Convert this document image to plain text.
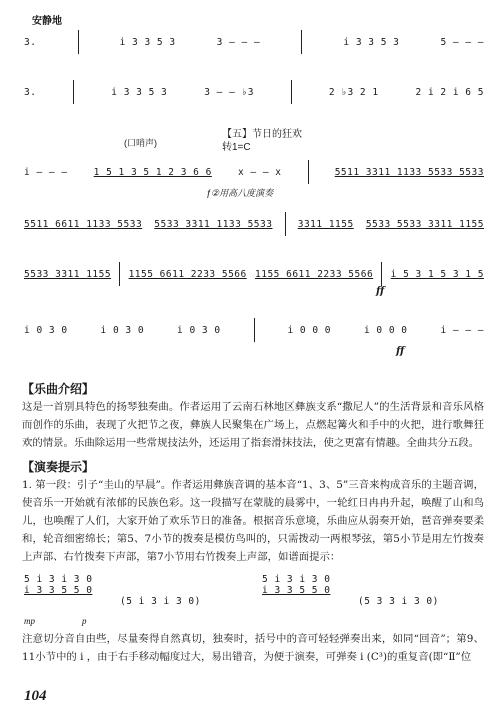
安静地
3.	i 3 3 5 3	3 — — —	i 3 3 5 3	5 — — —
3.	i 3 3 5 3	3 — — ♭3	2 ♭3 2 1	2 i 2 i 6 5
(口哨声)
【五】节日的狂欢
转1=C
i — — —	1 5 1 3 5 1 2 3 6 6	x — — x	5511 3311 1133 5533 5533
ƒ②用高八度演奏
5511 6611 1133 5533 5533 3311 1133 5533	3311 1155 5533 5533 3311 1155
5533 3311 1155 1155 6611 2233 5566 1155 6611 2233 5566 i 5 3 1 5 3 1 5
ff
i 0 3 0	i 0 3 0	i 0 3 0	i 0 0 0	i 0 0 0	i — — —
ff
【 乐曲介绍 】
这是一首别具特色的扬琴独奏曲。作者运用了云南石林地区彝族支系“撒尼人”的生活背景和音乐风格而创作的乐曲，表现了火把节之夜，彝族人民聚集在广场上，点燃起篝火和手中的火把，进行歌舞狂欢的情景。乐曲除运用一些常规技法外，还运用了指套滑抹技法，使之更富有情趣。全曲共分五段。
【 演奏提示 】
1. 第一段：引子“圭山的早晨”。作者运用彝族音调的基本音“1、3、5”三音来构成音乐的主题音调，使音乐一开始就有浓郁的民族色彩。这一段描写在蒙胧的晨雾中，一轮红日冉冉升起，唤醒了山和鸟儿，也唤醒了人们，大家开始了欢乐节日的准备。根据音乐意境，乐曲应从弱奏开始，琶音弹奏要柔和，轮音细密绵长；第5、7小节的拨奏是模仿鸟叫的，只需拨动一两根琴弦，第5小节是用左竹拨奏上声部、右竹拨奏下声部，第7小节用右竹拨奏上声部，如谱面提示：
5 i 3 i 3 0
i 3 3 5 5 0
(5 i 3 i 3 0)
5 i 3 i 3 0
i 3 3 5 5 0
(5 3 3 i 3 0)
mp	p
注意切分音自由些，尽量奏得自然真切，独奏时，括号中的音可轻轻弹奏出来，如同“回音”；第9、11小节中的 i ，由于右手移动幅度过大，易出错音，为便于演奏，可弹奏 i (C³)的重复音(即“Ⅱ”位
104
